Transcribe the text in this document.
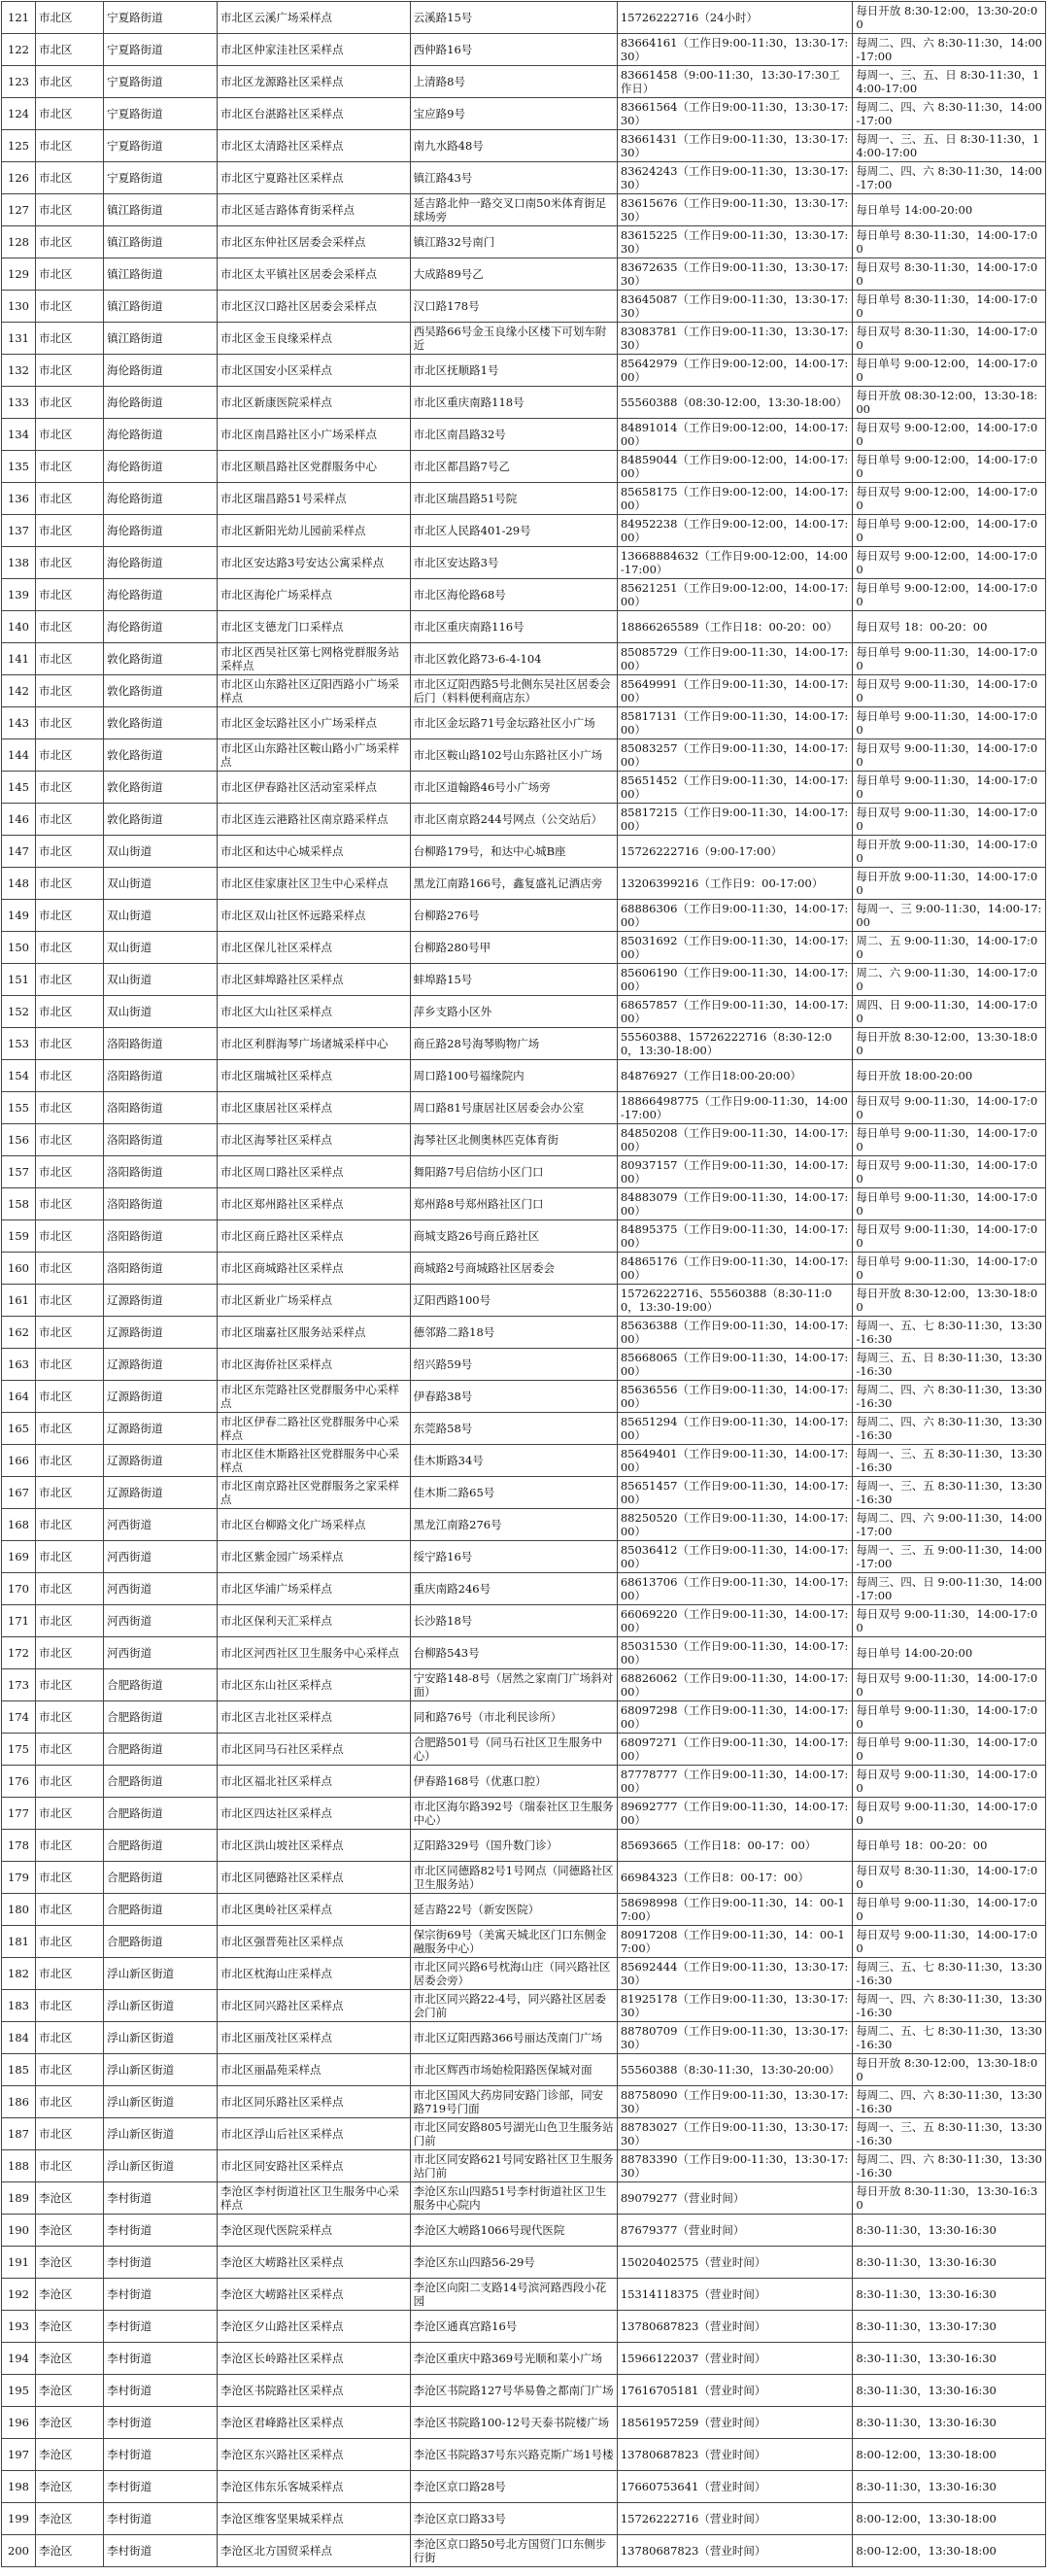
121	市北区	宁夏路街道	市北区云溪广场采样点	云溪路15号	15726222716（24小时）	每日开放 8:30-12:00，13:30-20:00
122	市北区	宁夏路街道	市北区仲家洼社区采样点	西仲路16号	83664161（工作日9:00-11:30，13:30-17:30）	每周二、四、六 8:30-11:30，14:00-17:00
123	市北区	宁夏路街道	市北区龙源路社区采样点	上清路8号	83661458（9:00-11:30，13:30-17:30工作日）	每周一、三、五、日 8:30-11:30，14:00-17:00
124	市北区	宁夏路街道	市北区台湛路社区采样点	宝应路9号	83661564（工作日9:00-11:30，13:30-17:30）	每周二、四、六 8:30-11:30，14:00-17:00
125	市北区	宁夏路街道	市北区太清路社区采样点	南九水路48号	83661431（工作日9:00-11:30，13:30-17:30）	每周一、三、五、日 8:30-11:30，14:00-17:00
126	市北区	宁夏路街道	市北区宁夏路社区采样点	镇江路43号	83624243（工作日9:00-11:30，13:30-17:30）	每周二、四、六 8:30-11:30，14:00-17:00
127	市北区	镇江路街道	市北区延吉路体育街采样点	延吉路北仲一路交叉口南50米体育街足球场旁	83615676（工作日9:00-11:30，13:30-17:30）	每日单号 14:00-20:00
128	市北区	镇江路街道	市北区东仲社区居委会采样点	镇江路32号南门	83615225（工作日9:00-11:30，13:30-17:30）	每日单号 8:30-11:30，14:00-17:00
129	市北区	镇江路街道	市北区太平镇社区居委会采样点	大成路89号乙	83672635（工作日9:00-11:30，13:30-17:30）	每日双号 8:30-11:30，14:00-17:00
130	市北区	镇江路街道	市北区汉口路社区居委会采样点	汉口路178号	83645087（工作日9:00-11:30，13:30-17:30）	每日单号 8:30-11:30，14:00-17:00
131	市北区	镇江路街道	市北区金玉良缘采样点	西吴路66号金玉良缘小区楼下可划车附近	83083781（工作日9:00-11:30，13:30-17:30）	每日双号 8:30-11:30，14:00-17:00
132	市北区	海伦路街道	市北区国安小区采样点	市北区抚顺路1号	85642979（工作日9:00-12:00，14:00-17:00）	每日单号 9:00-12:00，14:00-17:00
133	市北区	海伦路街道	市北区新康医院采样点	市北区重庆南路118号	55560388（08:30-12:00，13:30-18:00）	每日开放 08:30-12:00，13:30-18:00
134	市北区	海伦路街道	市北区南昌路社区小广场采样点	市北区南昌路32号	84891014（工作日9:00-12:00，14:00-17:00）	每日双号 9:00-12:00，14:00-17:00
135	市北区	海伦路街道	市北区顺昌路社区党群服务中心	市北区都昌路7号乙	84859044（工作日9:00-12:00，14:00-17:00）	每日单号 9:00-12:00，14:00-17:00
136	市北区	海伦路街道	市北区瑞昌路51号采样点	市北区瑞昌路51号院	85658175（工作日9:00-12:00，14:00-17:00）	每日双号 9:00-12:00，14:00-17:00
137	市北区	海伦路街道	市北区新阳光幼儿园前采样点	市北区人民路401-29号	84952238（工作日9:00-12:00，14:00-17:00）	每日单号 9:00-12:00，14:00-17:00
138	市北区	海伦路街道	市北区安达路3号安达公寓采样点	市北区安达路3号	13668884632（工作日9:00-12:00，14:00-17:00）	每日双号 9:00-12:00，14:00-17:00
139	市北区	海伦路街道	市北区海伦广场采样点	市北区海伦路68号	85621251（工作日9:00-12:00，14:00-17:00）	每日单号 9:00-12:00，14:00-17:00
140	市北区	海伦路街道	市北区支德龙门口采样点	市北区重庆南路116号	18866265589（工作日18：00-20：00）	每日双号 18：00-20：00
141	市北区	敦化路街道	市北区西吴社区第七网格党群服务站采样点	市北区敦化路73-6-4-104	85085729（工作日9:00-11:30，14:00-17:00）	每日单号 9:00-11:30，14:00-17:00
142	市北区	敦化路街道	市北区山东路社区辽阳西路小广场采样点	市北区辽阳西路5号北侧东吴社区居委会后门（料料便利商店东）	85649991（工作日9:00-11:30，14:00-17:00）	每日双号 9:00-11:30，14:00-17:00
143	市北区	敦化路街道	市北区金坛路社区小广场采样点	市北区金坛路71号金坛路社区小广场	85817131（工作日9:00-11:30，14:00-17:00）	每日单号 9:00-11:30，14:00-17:00
144	市北区	敦化路街道	市北区山东路社区鞍山路小广场采样点	市北区鞍山路102号山东路社区小广场	85083257（工作日9:00-11:30，14:00-17:00）	每日双号 9:00-11:30，14:00-17:00
145	市北区	敦化路街道	市北区伊春路社区活动室采样点	市北区道翰路46号小广场旁	85651452（工作日9:00-11:30，14:00-17:00）	每日单号 9:00-11:30，14:00-17:00
146	市北区	敦化路街道	市北区连云港路社区南京路采样点	市北区南京路244号网点（公交站后）	85817215（工作日9:00-11:30，14:00-17:00）	每日双号 9:00-11:30，14:00-17:00
147	市北区	双山街道	市北区和达中心城采样点	台柳路179号，和达中心城B座	15726222716（9:00-17:00）	每日开放 9:00-11:30，14:00-17:00
148	市北区	双山街道	市北区佳家康社区卫生中心采样点	黑龙江南路166号，鑫复盛礼记酒店旁	13206399216（工作日9：00-17:00）	每日开放 9:00-11:30，14:00-17:00
149	市北区	双山街道	市北区双山社区怀远路采样点	台柳路276号	68886306（工作日9:00-11:30，14:00-17:00）	每周一、三 9:00-11:30，14:00-17:00
150	市北区	双山街道	市北区保儿社区采样点	台柳路280号甲	85031692（工作日9:00-11:30，14:00-17:00）	周二、五 9:00-11:30，14:00-17:00
151	市北区	双山街道	市北区蚌埠路社区采样点	蚌埠路15号	85606190（工作日9:00-11:30，14:00-17:00）	周二、六 9:00-11:30，14:00-17:00
152	市北区	双山街道	市北区大山社区采样点	萍乡支路小区外	68657857（工作日9:00-11:30，14:00-17:00）	周四、日 9:00-11:30，14:00-17:00
153	市北区	洛阳路街道	市北区利群海琴广场诸城采样中心	商丘路28号海琴购物广场	55560388、15726222716（8:30-12:00，13:30-18:00）	每日开放 8:30-12:00，13:30-18:00
154	市北区	洛阳路街道	市北区瑞城社区采样点	周口路100号福缘院内	84876927（工作日18:00-20:00）	每日开放 18:00-20:00
155	市北区	洛阳路街道	市北区康居社区采样点	周口路81号康居社区居委会办公室	18866498775（工作日9:00-11:30，14:00-17:00）	每日双号 9:00-11:30，14:00-17:00
156	市北区	洛阳路街道	市北区海琴社区采样点	海琴社区北侧奥林匹克体育街	84850208（工作日9:00-11:30，14:00-17:00）	每日单号 9:00-11:30，14:00-17:00
157	市北区	洛阳路街道	市北区周口路社区采样点	舞阳路7号启信纺小区门口	80937157（工作日9:00-11:30，14:00-17:00）	每日双号 9:00-11:30，14:00-17:00
158	市北区	洛阳路街道	市北区郑州路社区采样点	郑州路8号郑州路社区门口	84883079（工作日9:00-11:30，14:00-17:00）	每日单号 9:00-11:30，14:00-17:00
159	市北区	洛阳路街道	市北区商丘路社区采样点	商城支路26号商丘路社区	84895375（工作日9:00-11:30，14:00-17:00）	每日双号 9:00-11:30，14:00-17:00
160	市北区	洛阳路街道	市北区商城路社区采样点	商城路2号商城路社区居委会	84865176（工作日9:00-11:30，14:00-17:00）	每日单号 9:00-11:30，14:00-17:00
161	市北区	辽源路街道	市北区新业广场采样点	辽阳西路100号	15726222716、55560388（8:30-11:00，13:30-19:00）	每日开放 8:30-12:00，13:30-18:00
162	市北区	辽源路街道	市北区瑞嘉社区服务站采样点	德邻路二路18号	85636388（工作日9:00-11:30，14:00-17:00）	每周一、五、七 8:30-11:30，13:30-16:30
163	市北区	辽源路街道	市北区海侨社区采样点	绍兴路59号	85668065（工作日9:00-11:30，14:00-17:00）	每周三、五、日 8:30-11:30，13:30-16:30
164	市北区	辽源路街道	市北区东莞路社区党群服务中心采样点	伊春路38号	85636556（工作日9:00-11:30，14:00-17:00）	每周二、四、六 8:30-11:30，13:30-16:30
165	市北区	辽源路街道	市北区伊春二路社区党群服务中心采样点	东莞路58号	85651294（工作日9:00-11:30，14:00-17:00）	每周二、四、六 8:30-11:30，13:30-16:30
166	市北区	辽源路街道	市北区佳木斯路社区党群服务中心采样点	佳木斯路34号	85649401（工作日9:00-11:30，14:00-17:00）	每周一、三、五 8:30-11:30，13:30-16:30
167	市北区	辽源路街道	市北区南京路社区党群服务之家采样点	佳木斯二路65号	85651457（工作日9:00-11:30，14:00-17:00）	每周一、三、五 8:30-11:30，13:30-16:30
168	市北区	河西街道	市北区台柳路文化广场采样点	黑龙江南路276号	88250520（工作日9:00-11:30，14:00-17:00）	每周二、四、六 9:00-11:30，14:00-17:00
169	市北区	河西街道	市北区紫金园广场采样点	绥宁路16号	85036412（工作日9:00-11:30，14:00-17:00）	每周一、三、五 9:00-11:30，14:00-17:00
170	市北区	河西街道	市北区华浦广场采样点	重庆南路246号	68613706（工作日9:00-11:30，14:00-17:00）	每周三、四、日 9:00-11:30，14:00-17:00
171	市北区	河西街道	市北区保利天汇采样点	长沙路18号	66069220（工作日9:00-11:30，14:00-17:00）	每日双号 9:00-11:30，14:00-17:00
172	市北区	河西街道	市北区河西社区卫生服务中心采样点	台柳路543号	85031530（工作日9:00-11:30，14:00-17:00）	每日单号 14:00-20:00
173	市北区	合肥路街道	市北区东山社区采样点	宁安路148-8号（居然之家南门广场斜对面）	68826062（工作日9:00-11:30，14:00-17:00）	每日双号 9:00-11:30，14:00-17:00
174	市北区	合肥路街道	市北区吉北社区采样点	同和路76号（市北利民诊所）	68097298（工作日9:00-11:30，14:00-17:00）	每日单号 9:00-11:30，14:00-17:00
175	市北区	合肥路街道	市北区同马石社区采样点	合肥路501号（同马石社区卫生服务中心）	68097271（工作日9:00-11:30，14:00-17:00）	每日单号 9:00-11:30，14:00-17:00
176	市北区	合肥路街道	市北区福北社区采样点	伊春路168号（优惠口腔）	87778777（工作日9:00-11:30，14:00-17:00）	每日双号 9:00-11:30，14:00-17:00
177	市北区	合肥路街道	市北区四达社区采样点	市北区海尔路392号（瑞泰社区卫生服务中心）	89692777（工作日9:00-11:30，14:00-17:00）	每日双号 9:00-11:30，14:00-17:00
178	市北区	合肥路街道	市北区洪山坡社区采样点	辽阳路329号（国升数门诊）	85693665（工作日18：00-17：00）	每日单号 18：00-20：00
179	市北区	合肥路街道	市北区同德路社区采样点	市北区同德路82号1号网点（同德路社区卫生服务站）	66984323（工作日8：00-17：00）	每日双号 8:30-11:30，14:00-17:00
180	市北区	合肥路街道	市北区奥岭社区采样点	延吉路22号（新安医院）	58698998（工作日9:00-11:30，14：00-17:00）	每日单号 9:00-11:30，14:00-17:00
181	市北区	合肥路街道	市北区强晋苑社区采样点	保宗街69号（美寓天城北区门口东侧金融服务中心）	80917208（工作日9:00-11:30，14：00-17:00）	每日双号 9:00-11:30，14:00-17:00
182	市北区	浮山新区街道	市北区枕海山庄采样点	市北区同兴路6号枕海山庄（同兴路社区居委会旁）	85692444（工作日9:00-11:30，13:30-17:30）	每周三、五、七 8:30-11:30，13:30-16:30
183	市北区	浮山新区街道	市北区同兴路社区采样点	市北区同兴路22-4号，同兴路社区居委会门前	81925178（工作日9:00-11:30，13:30-17:30）	每周一、四、六 8:30-11:30，13:30-16:30
184	市北区	浮山新区街道	市北区丽茂社区采样点	市北区辽阳西路366号丽达茂南门广场	88780709（工作日9:00-11:30，13:30-17:30）	每周二、五、七 8:30-11:30，13:30-16:30
185	市北区	浮山新区街道	市北区丽晶苑采样点	市北区辉西市场始检阳路医保城对面	55560388（8:30-11:30，13:30-20:00）	每日开放 8:30-12:00，13:30-18:00
186	市北区	浮山新区街道	市北区同乐路社区采样点	市北区国风大药房同安路门诊部，同安路719号门面	88758090（工作日9:00-11:30，13:30-17:30）	每周二、四、六 8:30-11:30，13:30-16:30
187	市北区	浮山新区街道	市北区浮山后社区采样点	市北区同安路805号湖光山色卫生服务站门前	88783027（工作日9:00-11:30，13:30-17:30）	每周一、三、五 8:30-11:30，13:30-16:30
188	市北区	浮山新区街道	市北区同安路社区采样点	市北区同安路621号同安路社区卫生服务站门前	88783390（工作日9:00-11:30，13:30-17:30）	每周二、四、六 8:30-11:30，13:30-16:30
189	李沧区	李村街道	李沧区李村街道社区卫生服务中心采样点	李沧区东山四路51号李村街道社区卫生服务中心院内	89079277（营业时间）	每日开放 8:30-11:30，13:30-16:30
190	李沧区	李村街道	李沧区现代医院采样点	李沧区大崂路1066号现代医院	87679377（营业时间）	8:30-11:30，13:30-16:30
191	李沧区	李村街道	李沧区大崂路社区采样点	李沧区东山四路56-29号	15020402575（营业时间）	8:30-11:30，13:30-16:30
192	李沧区	李村街道	李沧区大崂路社区采样点	李沧区向阳二支路14号滨河路西段小花园	15314118375（营业时间）	8:30-11:30，13:30-16:30
193	李沧区	李村街道	李沧区夕山路社区采样点	李沧区通真宫路16号	13780687823（营业时间）	8:30-11:30，13:30-17:30
194	李沧区	李村街道	李沧区长岭路社区采样点	李沧区重庆中路369号光顺和菜小广场	15966122037（营业时间）	8:30-11:30，13:30-16:30
195	李沧区	李村街道	李沧区书院路社区采样点	李沧区书院路127号华易鲁之都南门广场	17616705181（营业时间）	8:30-11:30，13:30-16:30
196	李沧区	李村街道	李沧区君峰路社区采样点	李沧区书院路100-12号天泰书院楼广场	18561957259（营业时间）	8:30-11:30，13:30-16:30
197	李沧区	李村街道	李沧区东兴路社区采样点	李沧区书院路37号东兴路克斯广场1号楼	13780687823（营业时间）	8:00-12:00，13:30-18:00
198	李沧区	李村街道	李沧区伟东乐客城采样点	李沧区京口路28号	17660753641（营业时间）	8:30-11:30，13:30-16:30
199	李沧区	李村街道	李沧区维客坚果城采样点	李沧区京口路33号	15726222716（营业时间）	8:00-12:00，13:30-18:00
200	李沧区	李村街道	李沧区北方国贸采样点	李沧区京口路50号北方国贸门口东侧步行街	13780687823（营业时间）	8:00-12:00，13:30-18:00
